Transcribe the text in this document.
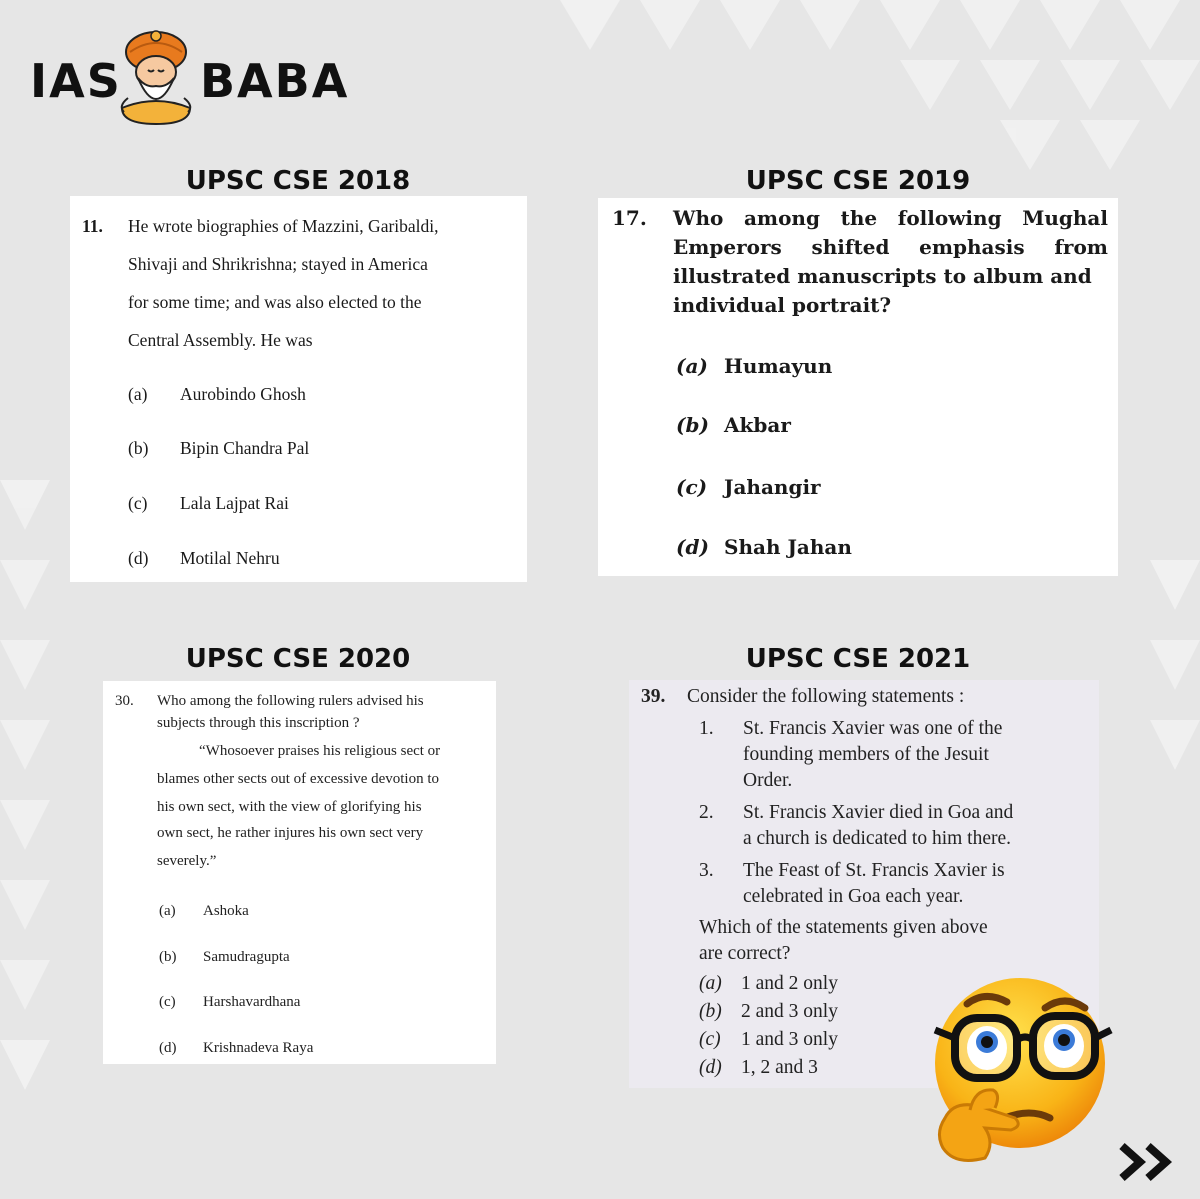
IAS BABA
UPSC CSE 2018	UPSC CSE 2019
UPSC CSE 2020	UPSC CSE 2021
11. He wrote biographies of Mazzini, Garibaldi,
Shivaji and Shrikrishna; stayed in America
for some time; and was also elected to the
Central Assembly. He was
(a) Aurobindo Ghosh
(b) Bipin Chandra Pal
(c) Lala Lajpat Rai
(d) Motilal Nehru
17. Who among the following Mughal
Emperors shifted emphasis from
illustrated manuscripts to album and
individual portrait?
(a) Humayun
(b) Akbar
(c) Jahangir
(d) Shah Jahan
30. Who among the following rulers advised his
subjects through this inscription ?
“Whosoever praises his religious sect or
blames other sects out of excessive devotion to
his own sect, with the view of glorifying his
own sect, he rather injures his own sect very
severely.”
(a) Ashoka
(b) Samudragupta
(c) Harshavardhana
(d) Krishnadeva Raya
39. Consider the following statements :
1. St. Francis Xavier was one of the
founding members of the Jesuit
Order.
2. St. Francis Xavier died in Goa and
a church is dedicated to him there.
3. The Feast of St. Francis Xavier is
celebrated in Goa each year.
Which of the statements given above
are correct?
(a) 1 and 2 only
(b) 2 and 3 only
(c) 1 and 3 only
(d) 1, 2 and 3
